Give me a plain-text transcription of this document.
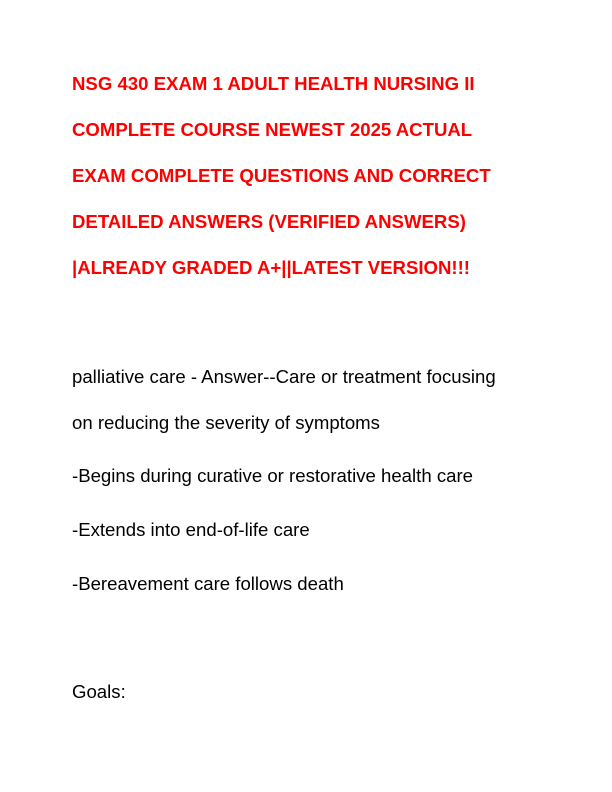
NSG 430 EXAM 1 ADULT HEALTH NURSING II
COMPLETE COURSE NEWEST 2025 ACTUAL
EXAM COMPLETE QUESTIONS AND CORRECT
DETAILED ANSWERS (VERIFIED ANSWERS)
|ALREADY GRADED A+||LATEST VERSION!!!
palliative care - Answer--Care or treatment focusing
on reducing the severity of symptoms
-Begins during curative or restorative health care
-Extends into end-of-life care
-Bereavement care follows death
Goals:
